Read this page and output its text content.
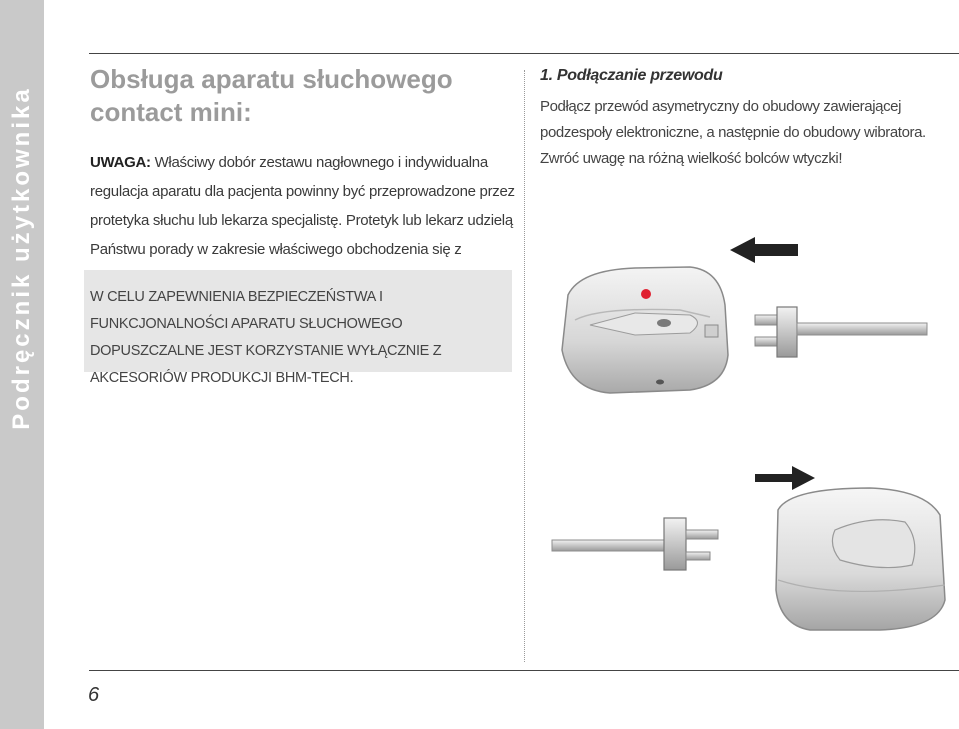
Podręcznik użytkownika
Obsługa aparatu słuchowego contact mini:

UWAGA: Właściwy dobór zestawu nagłownego i indywidualna regulacja aparatu dla pacjenta powinny być przeprowadzone przez protetyka słuchu lub lekarza specjalistę. Protetyk lub lekarz udzielą Państwu porady w zakresie właściwego obchodzenia się z

W CELU ZAPEWNIENIA BEZPIECZEŃSTWA I FUNKCJONALNOŚCI APARATU SŁUCHOWEGO DOPUSZCZALNE JEST KORZYSTANIE WYŁĄCZNIE Z AKCESORIÓW PRODUKCJI BHM-TECH.

1. Podłączanie przewodu

Podłącz przewód asymetryczny do obudowy zawierającej podzespoły elektroniczne, a następnie do obudowy wibratora. Zwróć uwagę na różną wielkość bolców wtyczki!

6
